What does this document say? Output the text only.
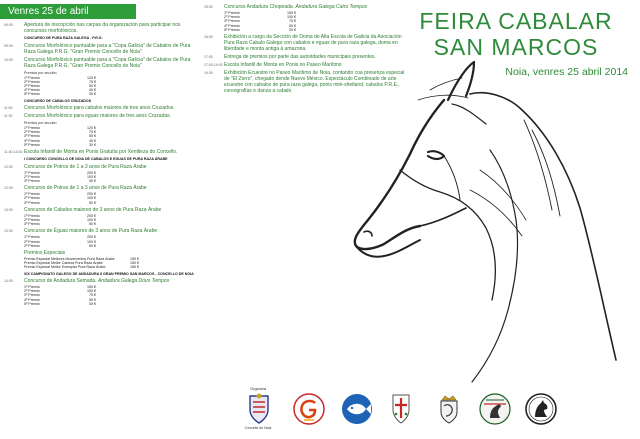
Venres 25 de abril
09:00 Apertura de inscripción nas carpas da organización para participar nos concursos morfolóxicos.
CONCURSO DE PURA RAZA GALEGA - P.R.G.
09:30 Concurso Morfolóxico puntuable para a "Copa Galicia" de Cabalos de Pura Raza Galega P.R.G. "Gran Premio Concello de Noia"
10:00 Concurso Morfolóxico puntuable para a "Copa Galicia" de Cabalos de Pura Raza Galega P.R.G. "Gran Premio Concello de Noia"
Premios por sección
1º Premio	120 €
2º Premio	75 €
3º Premio	50 €
4º Premio	40 €
5º Premio	30 €
CONCURSO DE CABALOS CRUZADOS
11:00 Concurso Morfolóxico para cabalos maiores de tres anos Cruzados.
11:30 Concurso Morfolóxico para eguas maiores de tres anos Cruzadas.
Premios por sección
1º Premio	120 €
2º Premio	75 €
3º Premio	50 €
4º Premio	40 €
5º Premio	30 €
11:30-13:30 Escola Infantil de Monta en Ponis Gratuíta por Xentileza do Concello.
I CONCURSO CONCELLO DE NOIA DE CABALOS E EGUAS DE PURA RAZA ÁRABE
12:00 Concurso de Potros de 1 a 3 anos de Pura Raza Árabe
1º Premio	200 €
2º Premio	100 €
3º Premio	50 €
12:30 Concurso de Potras de 1 a 3 anos de Pura Raza Árabe
1º Premio	200 €
2º Premio	100 €
3º Premio	50 €
13:00 Concurso de Cabalos maiores de 3 anos de Pura Raza Árabe
1º Premio	200 €
2º Premio	100 €
3º Premio	50 €
13:30 Concurso de Éguas maiores de 3 anos de Pura Raza Árabe
1º Premio	200 €
2º Premio	100 €
3º Premio	50 €
Premios Especiais
Premio Especial Mellores Movementos Pura Raza Árabe	150 €
Premio Especial Mellor Cabeza Pura Raza Árabe	150 €
Premio Especial Mellor Exemplar Pura Raza Árabe	150 €
XIX CAMPIONATO GALEGO DE ANDADURA II GRAN PREMIO SAN MARCOS - CONCELLO DE NOIA
14:00 Concurso de Andadura Semada. Andadura Galega Dous Tempos
1º Premio	150 €
2º Premio	100 €
3º Premio	75 €
4º Premio	50 €
5º Premio	30 €
15:00 Concurso Andadura Chopeada. Andadura Galega Catro Tempos
1º Premio	150 €
2º Premio	100 €
3º Premio	75 €
4º Premio	50 €
5º Premio	30 €
16:00 Exhibición a cargo da Sección de Doma de Alta Escola de Galicia da Asociación Pura Raza Cabalo Galego con cabalos e eguas de pura raza galega, doma en liberdade e monta antiga á amazona.
17:00 Entrega de premios por parte das autoridades municipais presentes.
17:00-19:00 Escola Infantil de Monta en Ponis no Paseo Marítimo
19:30 Exhibición Ecuestre no Paseo Marítimo de Noia, contando coa presenza especial de "El Zorro", chegado dende Nuevo México. Espectáculo Combinado de arte ecuestre con cabalos de pura raza galega, ponis mini-shetland, cabalos P.R.E., coreografías e danza a cabalo
FEIRA CABALAR
SAN MARCOS
Noia, venres 25 abril 2014
Organiza
Concello de Noia
